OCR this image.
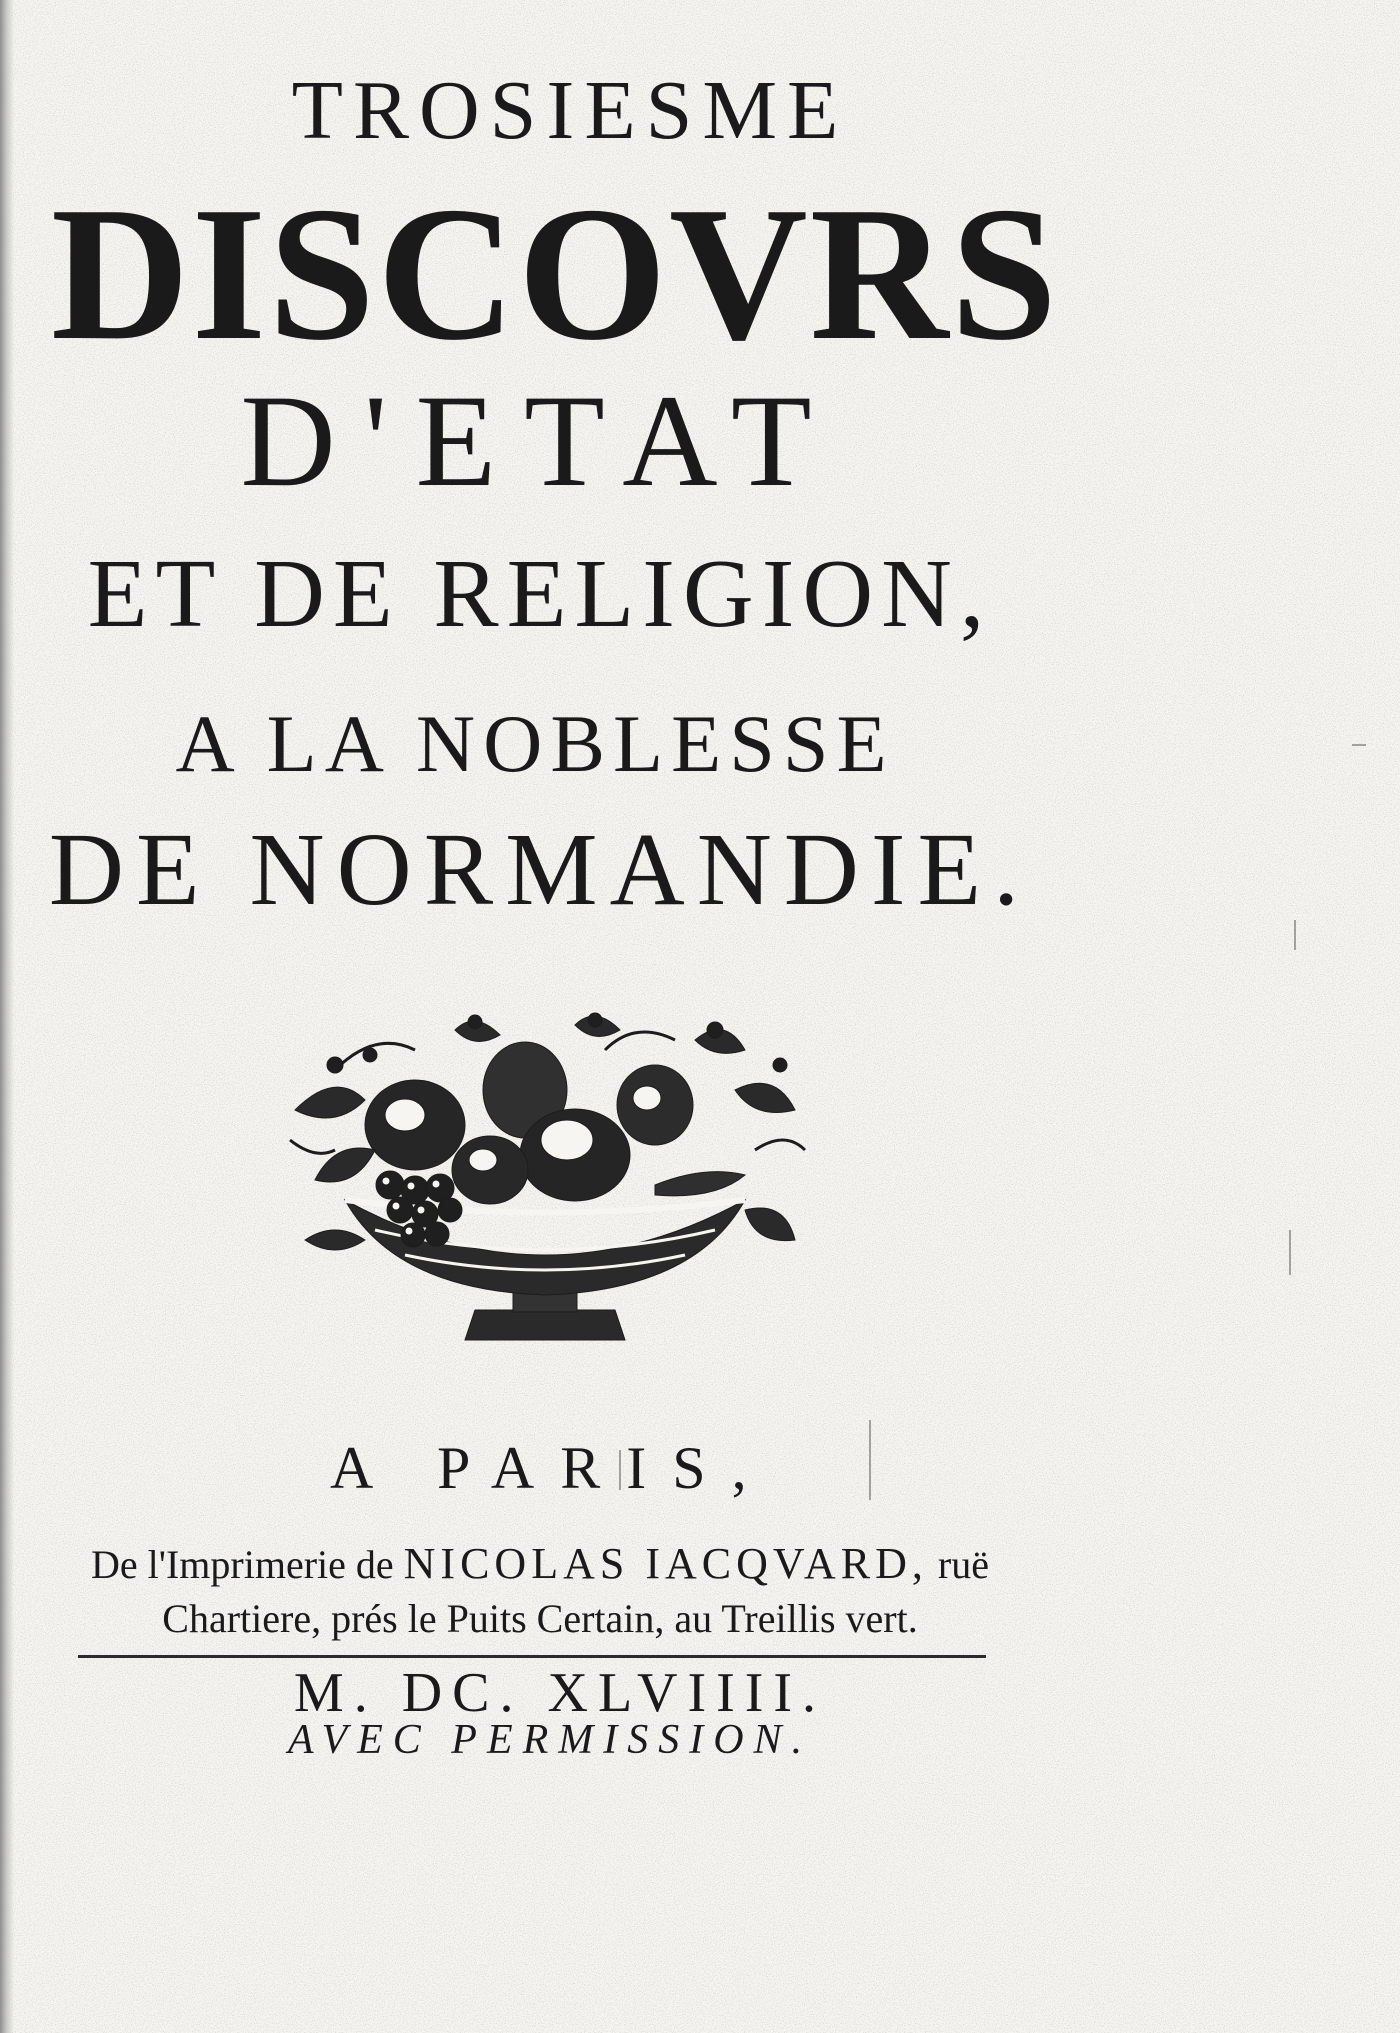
TROSIESME
DISCOVRS
D'ETAT
ET DE RELIGION,
A LA NOBLESSE
DE NORMANDIE.
A PARIS,
De l'Imprimerie de NICOLAS IACQVARD, ruë
Chartiere, prés le Puits Certain, au Treillis vert.
M. DC. XLVIIII.
AVEC PERMISSION.
